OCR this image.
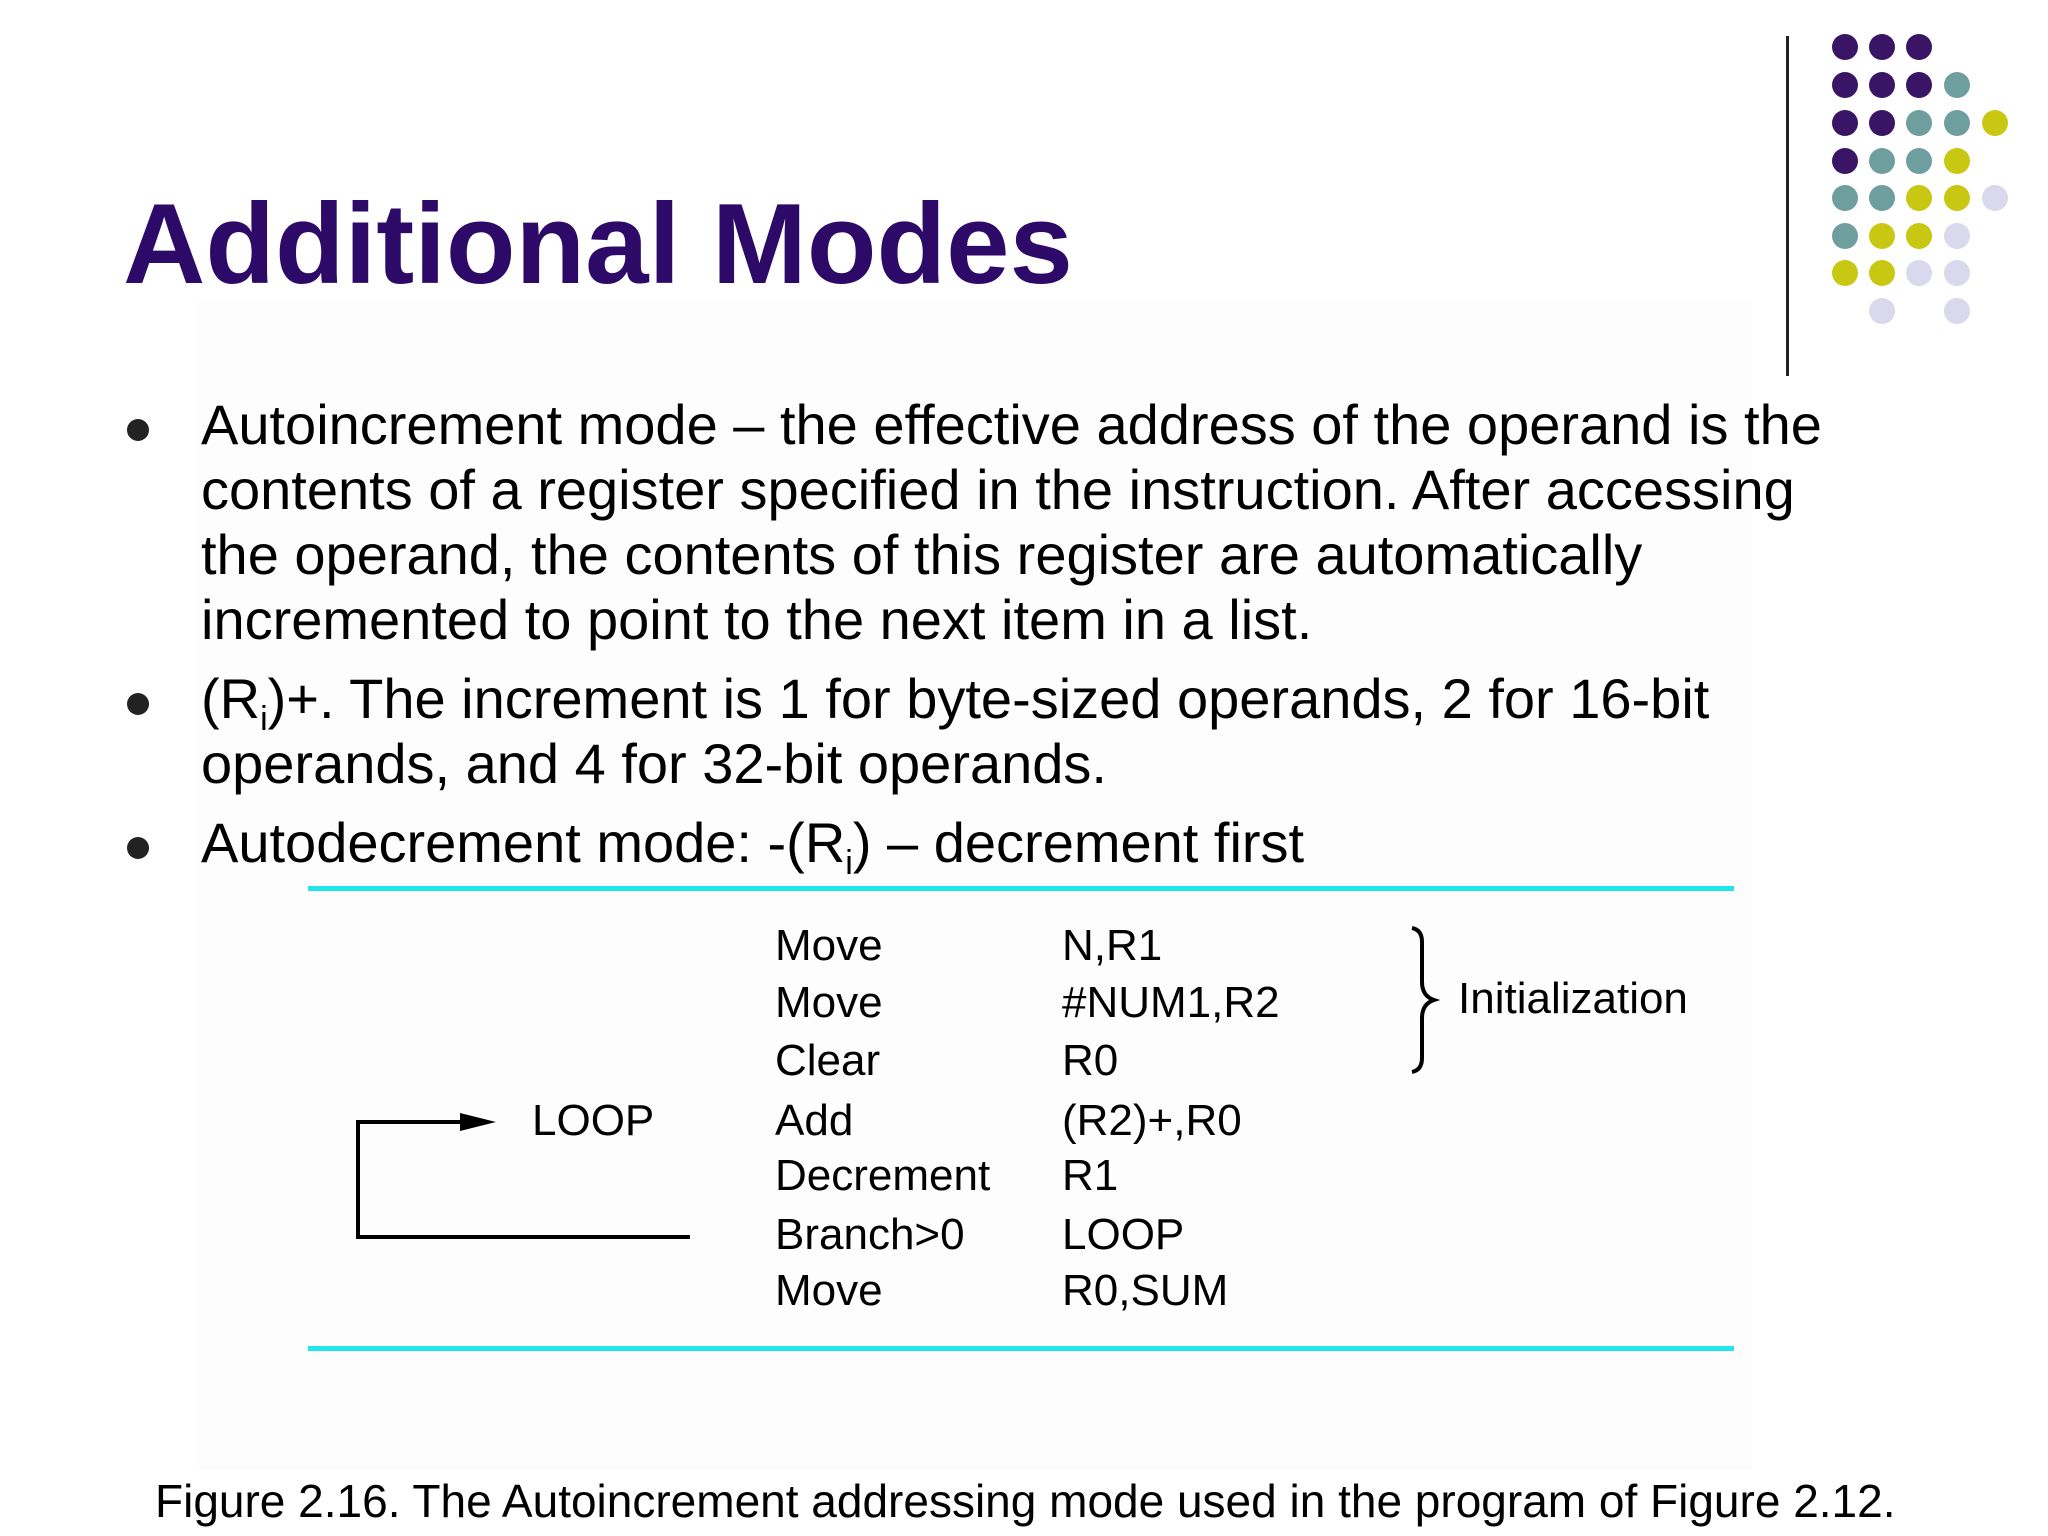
Additional Modes
Autoincrement mode – the effective address of the operand is the contents of a register specified in the instruction. After accessing the operand, the contents of this register are automatically incremented to point to the next item in a list.
$(R_i)+$. The increment is 1 for byte-sized operands, 2 for 16-bit operands, and 4 for 32-bit operands.
Autodecrement mode: $-(R_i)$ – decrement first
Move	N,R1
Move	#NUM1,R2
Clear	R0
LOOP	Add	(R2)+,R0
Decrement R1
Branch>0 LOOP
Move	R0,SUM
Initialization
Figure 2.16. The Autoincrement addressing mode used in the program of Figure 2.12.
